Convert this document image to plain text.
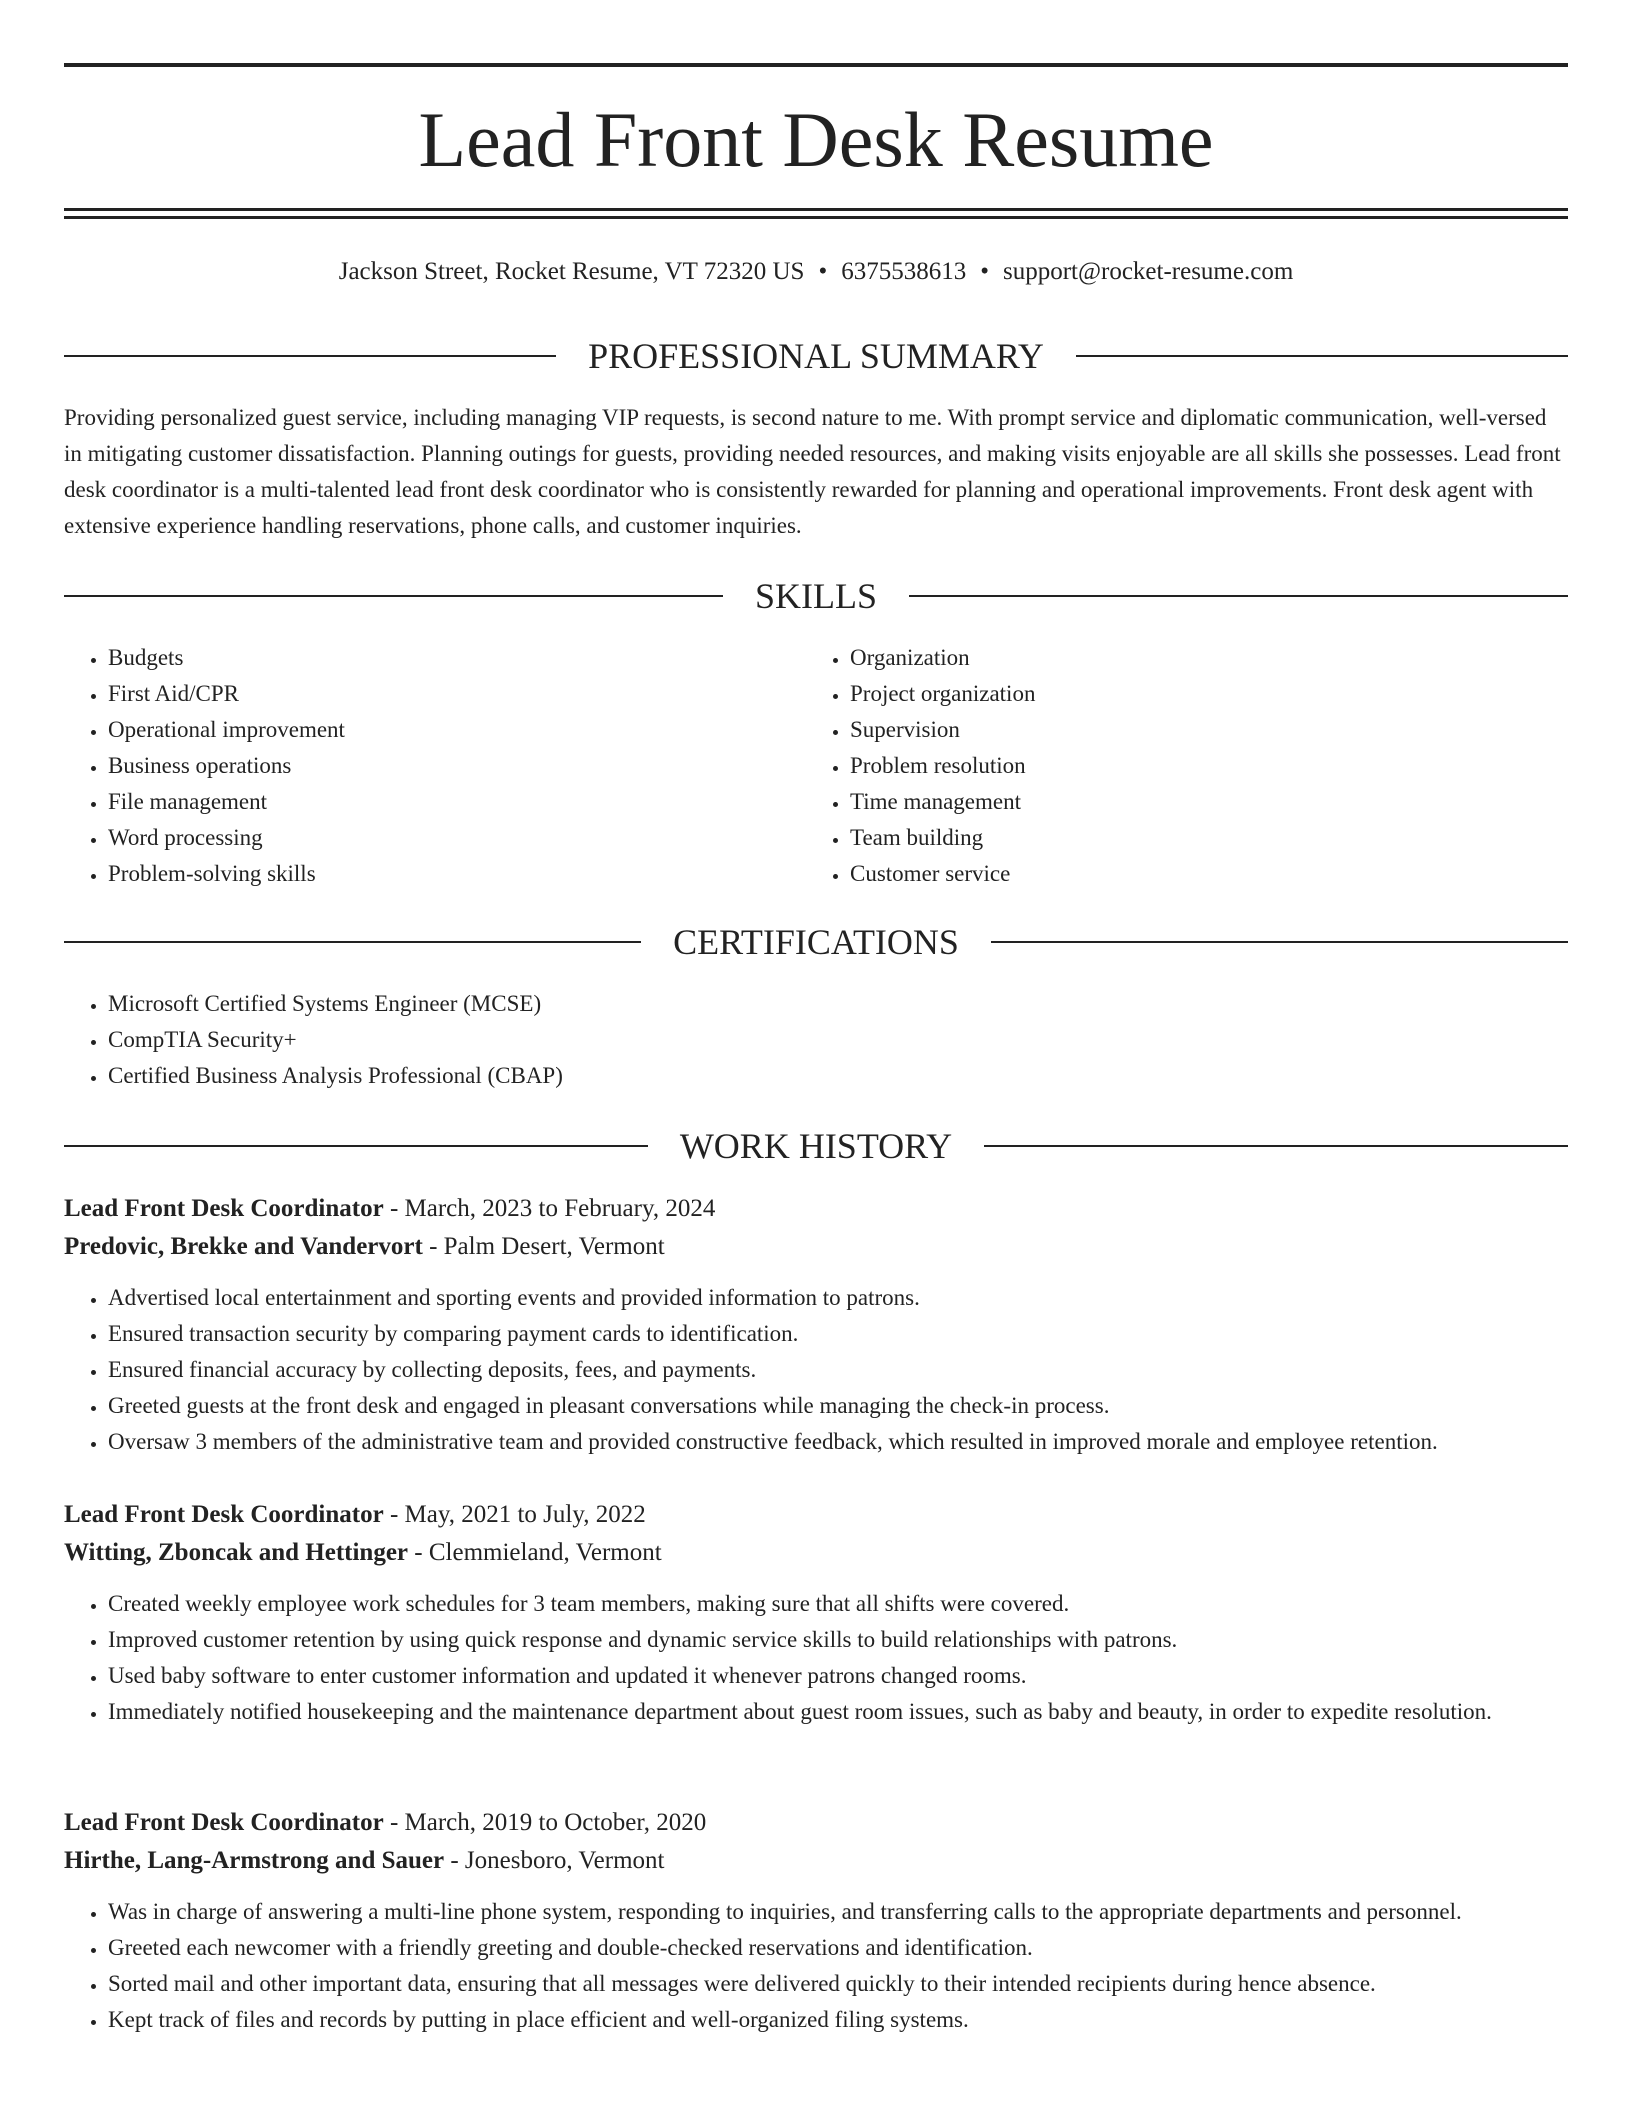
Lead Front Desk Resume
Jackson Street, Rocket Resume, VT 72320 US • 6375538613 • support@rocket-resume.com
PROFESSIONAL SUMMARY

Providing personalized guest service, including managing VIP requests, is second nature to me. With prompt service and diplomatic communication, well-versed in mitigating customer dissatisfaction. Planning outings for guests, providing needed resources, and making visits enjoyable are all skills she possesses. Lead front desk coordinator is a multi-talented lead front desk coordinator who is consistently rewarded for planning and operational improvements. Front desk agent with extensive experience handling reservations, phone calls, and customer inquiries.

SKILLS
• Budgets
• First Aid/CPR
• Operational improvement
• Business operations
• File management
• Word processing
• Problem-solving skills
• Organization
• Project organization
• Supervision
• Problem resolution
• Time management
• Team building
• Customer service
CERTIFICATIONS
• Microsoft Certified Systems Engineer (MCSE)
• CompTIA Security+
• Certified Business Analysis Professional (CBAP)
WORK HISTORY
Lead Front Desk Coordinator - March, 2023 to February, 2024
Predovic, Brekke and Vandervort - Palm Desert, Vermont
• Advertised local entertainment and sporting events and provided information to patrons.
• Ensured transaction security by comparing payment cards to identification.
• Ensured financial accuracy by collecting deposits, fees, and payments.
• Greeted guests at the front desk and engaged in pleasant conversations while managing the check-in process.
• Oversaw 3 members of the administrative team and provided constructive feedback, which resulted in improved morale and employee retention.
Lead Front Desk Coordinator - May, 2021 to July, 2022
Witting, Zboncak and Hettinger - Clemmieland, Vermont
• Created weekly employee work schedules for 3 team members, making sure that all shifts were covered.
• Improved customer retention by using quick response and dynamic service skills to build relationships with patrons.
• Used baby software to enter customer information and updated it whenever patrons changed rooms.
• Immediately notified housekeeping and the maintenance department about guest room issues, such as baby and beauty, in order to expedite resolution.
Lead Front Desk Coordinator - March, 2019 to October, 2020
Hirthe, Lang-Armstrong and Sauer - Jonesboro, Vermont
• Was in charge of answering a multi-line phone system, responding to inquiries, and transferring calls to the appropriate departments and personnel.
• Greeted each newcomer with a friendly greeting and double-checked reservations and identification.
• Sorted mail and other important data, ensuring that all messages were delivered quickly to their intended recipients during hence absence.
• Kept track of files and records by putting in place efficient and well-organized filing systems.
